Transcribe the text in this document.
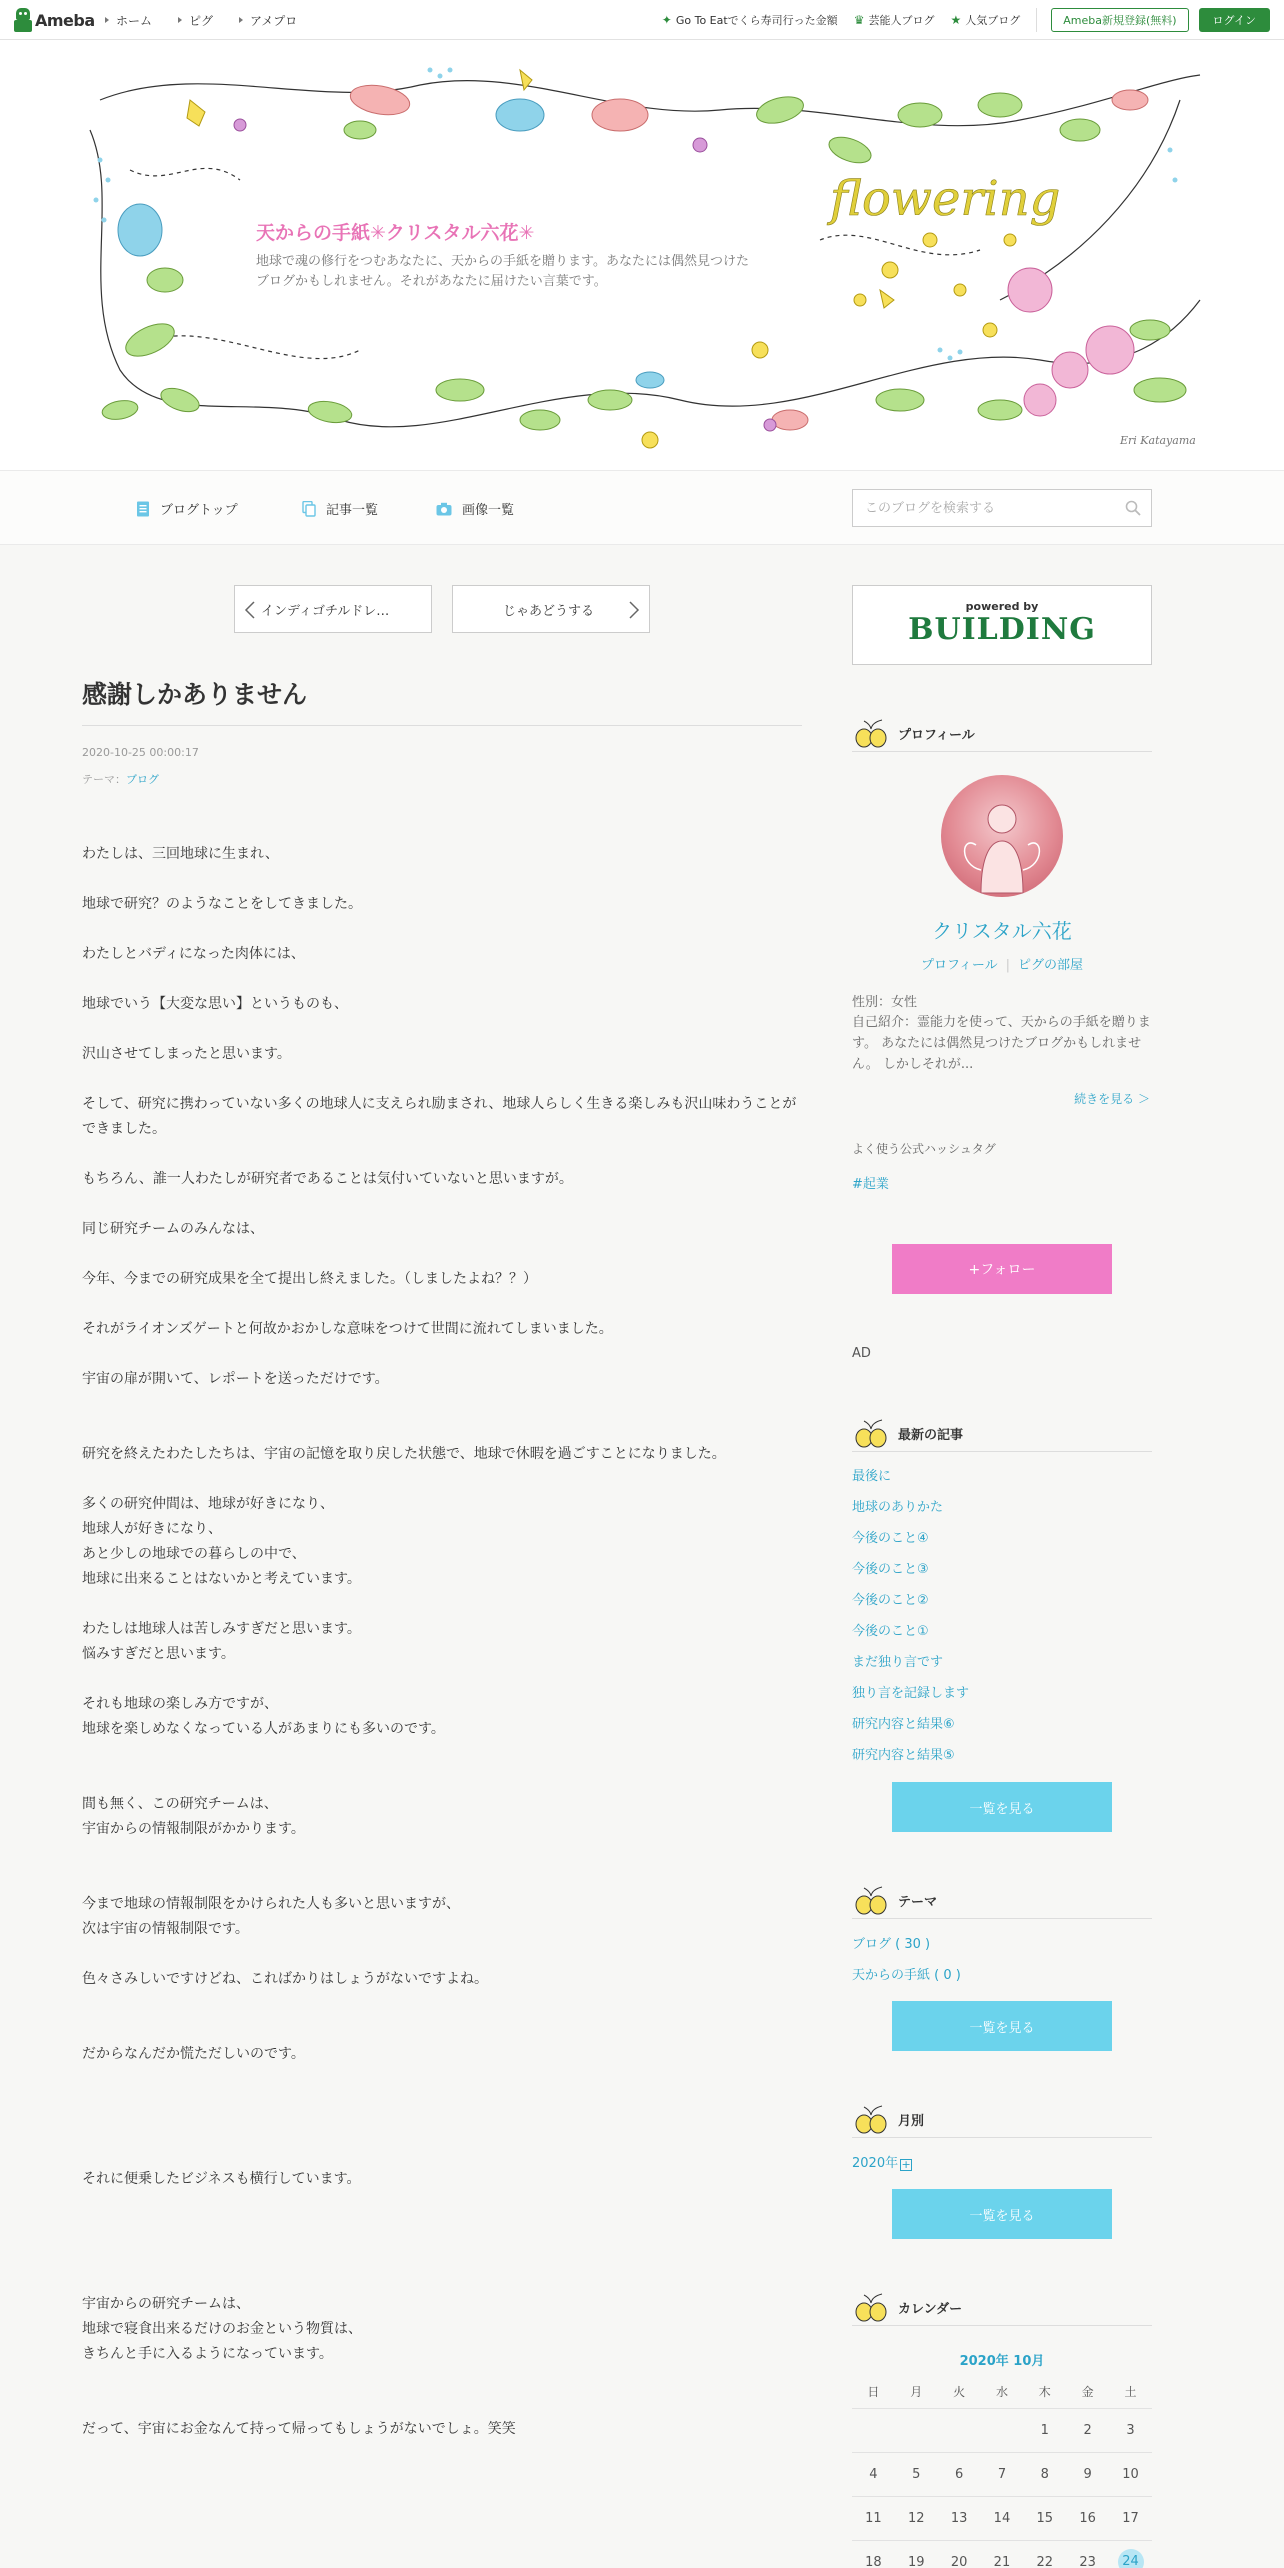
Ameba ホーム	ピグ	アメプロ	✦ Go To Eatでくら寿司行った金額 ♛ 芸能人ブログ ★ 人気ブログ	Ameba新規登録(無料)	ログイン
flowering
天からの手紙✳︎クリスタル六花✳︎
地球で魂の修行をつむあなたに、天からの手紙を贈ります。あなたには偶然見つけたブログかもしれません。それがあなたに届けたい言葉です。
Eri Katayama
ブログトップ	記事一覧	画像一覧
このブログを検索する
インディゴチルドレ…	じゃあどうする
感謝しかありません
2020-10-25 00:00:17
テーマ：ブログ

わたしは、三回地球に生まれ、

地球で研究？のようなことをしてきました。

わたしとバディになった肉体には、

地球でいう【大変な思い】というものも、

沢山させてしまったと思います。

そして、研究に携わっていない多くの地球人に支えられ励まされ、地球人らしく生きる楽しみも沢山味わうことができました。

もちろん、誰一人わたしが研究者であることは気付いていないと思いますが。

同じ研究チームのみんなは、

今年、今までの研究成果を全て提出し終えました。（しましたよね？？）

それがライオンズゲートと何故かおかしな意味をつけて世間に流れてしまいました。

宇宙の扉が開いて、レポートを送っただけです。

研究を終えたわたしたちは、宇宙の記憶を取り戻した状態で、地球で休暇を過ごすことになりました。

多くの研究仲間は、地球が好きになり、
地球人が好きになり、
あと少しの地球での暮らしの中で、
地球に出来ることはないかと考えています。

わたしは地球人は苦しみすぎだと思います。
悩みすぎだと思います。

それも地球の楽しみ方ですが、
地球を楽しめなくなっている人があまりにも多いのです。

間も無く、この研究チームは、
宇宙からの情報制限がかかります。

今まで地球の情報制限をかけられた人も多いと思いますが、
次は宇宙の情報制限です。

色々さみしいですけどね、こればかりはしょうがないですよね。

だからなんだか慌ただしいのです。

それに便乗したビジネスも横行しています。

宇宙からの研究チームは、
地球で寝食出来るだけのお金という物質は、
きちんと手に入るようになっています。

だって、宇宙にお金なんて持って帰ってもしょうがないでしょ。笑笑

powered by
BUILDING
プロフィール
クリスタル六花
プロフィール | ピグの部屋
性別：女性
自己紹介：霊能力を使って、天からの手紙を贈ります。 あなたには偶然見つけたブログかもしれません。 しかしそれが...
続きを見る ＞
よく使う公式ハッシュタグ
#起業
+フォロー
AD
最新の記事
最後に
地球のありかた
今後のこと④
今後のこと③
今後のこと②
今後のこと①
まだ独り言です
独り言を記録します
研究内容と結果⑥
研究内容と結果⑤
一覧を見る
テーマ
ブログ ( 30 )
天からの手紙 ( 0 )
一覧を見る
月別
2020年 +
一覧を見る
カレンダー
2020年 10月
日	月	火	水	木	金	土
				1	2	3
4	5	6	7	8	9	10
11	12	13	14	15	16	17
18	19	20	21	22	23	24
